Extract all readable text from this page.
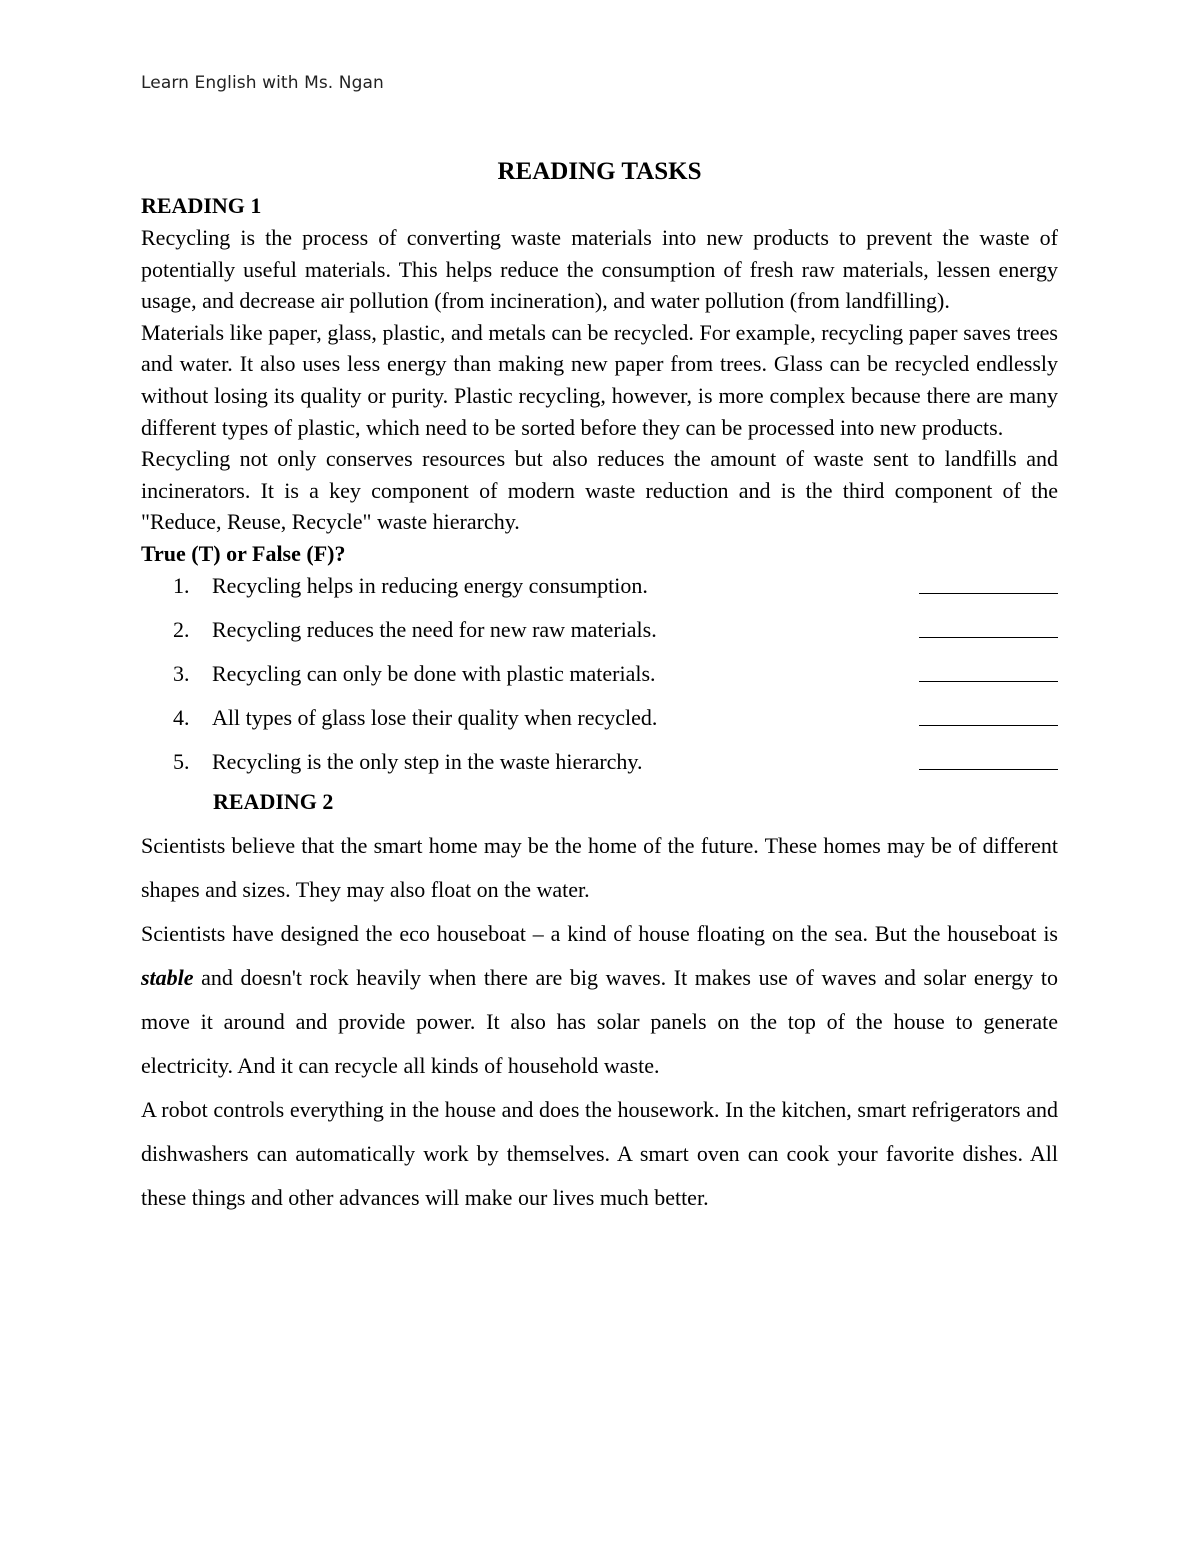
Learn English with Ms. Ngan
READING TASKS
READING 1

Recycling is the process of converting waste materials into new products to prevent the waste of potentially useful materials. This helps reduce the consumption of fresh raw materials, lessen energy usage, and decrease air pollution (from incineration), and water pollution (from landfilling).

Materials like paper, glass, plastic, and metals can be recycled. For example, recycling paper saves trees and water. It also uses less energy than making new paper from trees. Glass can be recycled endlessly without losing its quality or purity. Plastic recycling, however, is more complex because there are many different types of plastic, which need to be sorted before they can be processed into new products.

Recycling not only conserves resources but also reduces the amount of waste sent to landfills and incinerators. It is a key component of modern waste reduction and is the third component of the "Reduce, Reuse, Recycle" waste hierarchy.

True (T) or False (F)?

1. Recycling helps in reducing energy consumption.
2. Recycling reduces the need for new raw materials.
3. Recycling can only be done with plastic materials.
4. All types of glass lose their quality when recycled.
5. Recycling is the only step in the waste hierarchy.
READING 2

Scientists believe that the smart home may be the home of the future. These homes may be of different shapes and sizes. They may also float on the water.

Scientists have designed the eco houseboat – a kind of house floating on the sea. But the houseboat is stable and doesn't rock heavily when there are big waves. It makes use of waves and solar energy to move it around and provide power. It also has solar panels on the top of the house to generate electricity. And it can recycle all kinds of household waste.

A robot controls everything in the house and does the housework. In the kitchen, smart refrigerators and dishwashers can automatically work by themselves. A smart oven can cook your favorite dishes. All these things and other advances will make our lives much better.
